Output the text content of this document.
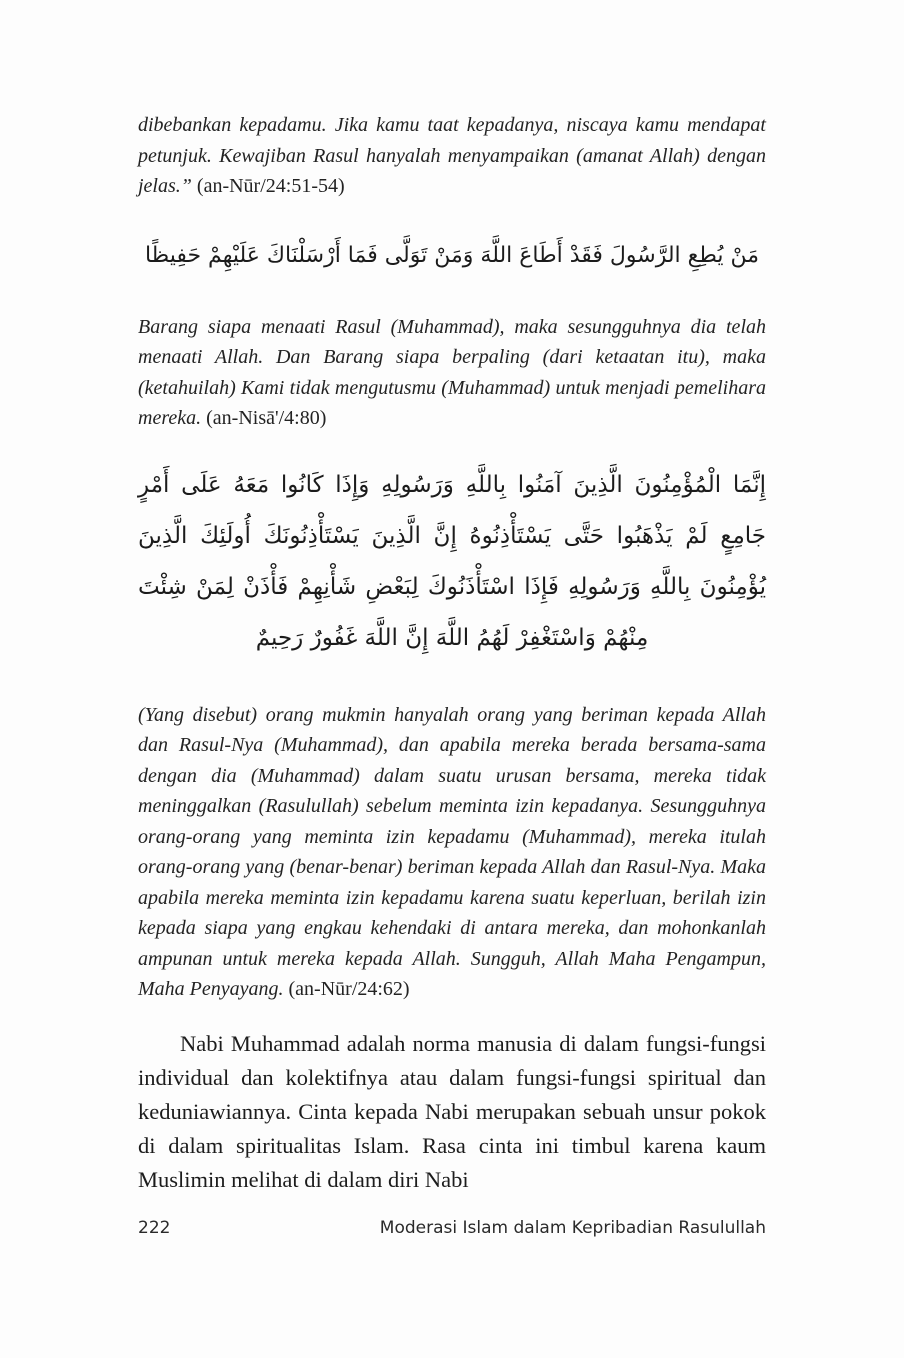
dibebankan kepadamu. Jika kamu taat kepadanya, niscaya kamu mendapat petunjuk. Kewajiban Rasul hanyalah menyampaikan (amanat Allah) dengan jelas.” (an-Nūr/24:51-54)

مَنْ يُطِعِ الرَّسُولَ فَقَدْ أَطَاعَ اللَّهَ وَمَنْ تَوَلَّى فَمَا أَرْسَلْنَاكَ عَلَيْهِمْ حَفِيظًا

Barang siapa menaati Rasul (Muhammad), maka sesungguhnya dia telah menaati Allah. Dan Barang siapa berpaling (dari ketaatan itu), maka (ketahuilah) Kami tidak mengutusmu (Muhammad) untuk menjadi pemelihara mereka. (an-Nisā'/4:80)

إِنَّمَا الْمُؤْمِنُونَ الَّذِينَ آمَنُوا بِاللَّهِ وَرَسُولِهِ وَإِذَا كَانُوا مَعَهُ عَلَى أَمْرٍ جَامِعٍ لَمْ يَذْهَبُوا حَتَّى يَسْتَأْذِنُوهُ إِنَّ الَّذِينَ يَسْتَأْذِنُونَكَ أُولَئِكَ الَّذِينَ يُؤْمِنُونَ بِاللَّهِ وَرَسُولِهِ فَإِذَا اسْتَأْذَنُوكَ لِبَعْضِ شَأْنِهِمْ فَأْذَنْ لِمَنْ شِئْتَ مِنْهُمْ وَاسْتَغْفِرْ لَهُمُ اللَّهَ إِنَّ اللَّهَ غَفُورٌ رَحِيمٌ

(Yang disebut) orang mukmin hanyalah orang yang beriman kepada Allah dan Rasul-Nya (Muhammad), dan apabila mereka berada bersama-sama dengan dia (Muhammad) dalam suatu urusan bersama, mereka tidak meninggalkan (Rasulullah) sebelum meminta izin kepadanya. Sesungguhnya orang-orang yang meminta izin kepadamu (Muhammad), mereka itulah orang-orang yang (benar-benar) beriman kepada Allah dan Rasul-Nya. Maka apabila mereka meminta izin kepadamu karena suatu keperluan, berilah izin kepada siapa yang engkau kehendaki di antara mereka, dan mohonkanlah ampunan untuk mereka kepada Allah. Sungguh, Allah Maha Pengampun, Maha Penyayang. (an-Nūr/24:62)

Nabi Muhammad adalah norma manusia di dalam fungsi-fungsi individual dan kolektifnya atau dalam fungsi-fungsi spiritual dan keduniawiannya. Cinta kepada Nabi merupakan sebuah unsur pokok di dalam spiritualitas Islam. Rasa cinta ini timbul karena kaum Muslimin melihat di dalam diri Nabi

222	Moderasi Islam dalam Kepribadian Rasulullah
